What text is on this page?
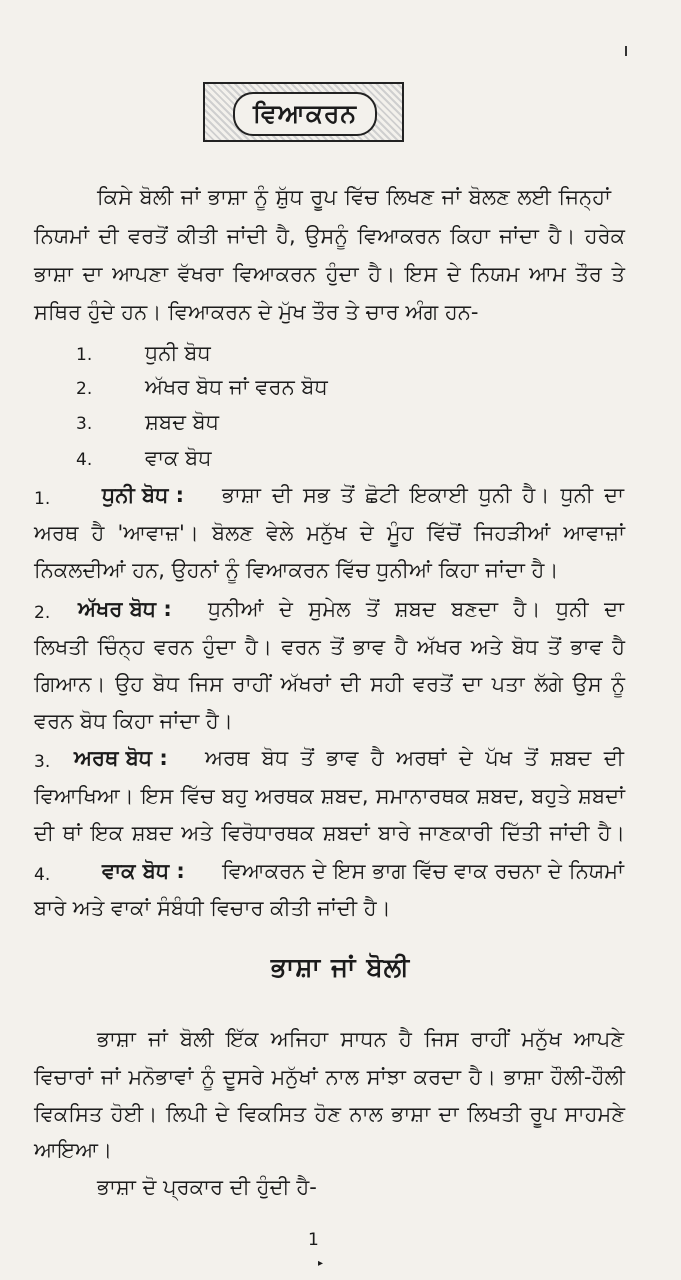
ਵਿਆਕਰਨ
ਕਿਸੇ ਬੋਲੀ ਜਾਂ ਭਾਸ਼ਾ ਨੂੰ ਸ਼ੁੱਧ ਰੂਪ ਵਿੱਚ ਲਿਖਣ ਜਾਂ ਬੋਲਣ ਲਈ ਜਿਨ੍ਹਾਂ
ਨਿਯਮਾਂ ਦੀ ਵਰਤੋਂ ਕੀਤੀ ਜਾਂਦੀ ਹੈ, ਉਸਨੂੰ ਵਿਆਕਰਨ ਕਿਹਾ ਜਾਂਦਾ ਹੈ। ਹਰੇਕ
ਭਾਸ਼ਾ ਦਾ ਆਪਣਾ ਵੱਖਰਾ ਵਿਆਕਰਨ ਹੁੰਦਾ ਹੈ। ਇਸ ਦੇ ਨਿਯਮ ਆਮ ਤੌਰ ਤੇ
ਸਥਿਰ ਹੁੰਦੇ ਹਨ। ਵਿਆਕਰਨ ਦੇ ਮੁੱਖ ਤੌਰ ਤੇ ਚਾਰ ਅੰਗ ਹਨ-
1.	ਧੁਨੀ ਬੋਧ
2.	ਅੱਖਰ ਬੋਧ ਜਾਂ ਵਰਨ ਬੋਧ
3.	ਸ਼ਬਦ ਬੋਧ
4.	ਵਾਕ ਬੋਧ
1. ਧੁਨੀ ਬੋਧ : ਭਾਸ਼ਾ ਦੀ ਸਭ ਤੋਂ ਛੋਟੀ ਇਕਾਈ ਧੁਨੀ ਹੈ। ਧੁਨੀ ਦਾ
ਅਰਥ ਹੈ 'ਆਵਾਜ਼'। ਬੋਲਣ ਵੇਲੇ ਮਨੁੱਖ ਦੇ ਮੂੰਹ ਵਿੱਚੋਂ ਜਿਹੜੀਆਂ ਆਵਾਜ਼ਾਂ
ਨਿਕਲਦੀਆਂ ਹਨ, ਉਹਨਾਂ ਨੂੰ ਵਿਆਕਰਨ ਵਿੱਚ ਧੁਨੀਆਂ ਕਿਹਾ ਜਾਂਦਾ ਹੈ।
2. ਅੱਖਰ ਬੋਧ : ਧੁਨੀਆਂ ਦੇ ਸੁਮੇਲ ਤੋਂ ਸ਼ਬਦ ਬਣਦਾ ਹੈ। ਧੁਨੀ ਦਾ
ਲਿਖਤੀ ਚਿੰਨ੍ਹ ਵਰਨ ਹੁੰਦਾ ਹੈ। ਵਰਨ ਤੋਂ ਭਾਵ ਹੈ ਅੱਖਰ ਅਤੇ ਬੋਧ ਤੋਂ ਭਾਵ ਹੈ
ਗਿਆਨ। ਉਹ ਬੋਧ ਜਿਸ ਰਾਹੀਂ ਅੱਖਰਾਂ ਦੀ ਸਹੀ ਵਰਤੋਂ ਦਾ ਪਤਾ ਲੱਗੇ ਉਸ ਨੂੰ
ਵਰਨ ਬੋਧ ਕਿਹਾ ਜਾਂਦਾ ਹੈ।
3. ਅਰਥ ਬੋਧ : ਅਰਥ ਬੋਧ ਤੋਂ ਭਾਵ ਹੈ ਅਰਥਾਂ ਦੇ ਪੱਖ ਤੋਂ ਸ਼ਬਦ ਦੀ
ਵਿਆਖਿਆ। ਇਸ ਵਿੱਚ ਬਹੁ ਅਰਥਕ ਸ਼ਬਦ, ਸਮਾਨਾਰਥਕ ਸ਼ਬਦ, ਬਹੁਤੇ ਸ਼ਬਦਾਂ
ਦੀ ਥਾਂ ਇਕ ਸ਼ਬਦ ਅਤੇ ਵਿਰੋਧਾਰਥਕ ਸ਼ਬਦਾਂ ਬਾਰੇ ਜਾਣਕਾਰੀ ਦਿੱਤੀ ਜਾਂਦੀ ਹੈ।
4. ਵਾਕ ਬੋਧ : ਵਿਆਕਰਨ ਦੇ ਇਸ ਭਾਗ ਵਿੱਚ ਵਾਕ ਰਚਨਾ ਦੇ ਨਿਯਮਾਂ
ਬਾਰੇ ਅਤੇ ਵਾਕਾਂ ਸੰਬੰਧੀ ਵਿਚਾਰ ਕੀਤੀ ਜਾਂਦੀ ਹੈ।
ਭਾਸ਼ਾ ਜਾਂ ਬੋਲੀ
ਭਾਸ਼ਾ ਜਾਂ ਬੋਲੀ ਇੱਕ ਅਜਿਹਾ ਸਾਧਨ ਹੈ ਜਿਸ ਰਾਹੀਂ ਮਨੁੱਖ ਆਪਣੇ
ਵਿਚਾਰਾਂ ਜਾਂ ਮਨੋਭਾਵਾਂ ਨੂੰ ਦੂਸਰੇ ਮਨੁੱਖਾਂ ਨਾਲ ਸਾਂਝਾ ਕਰਦਾ ਹੈ। ਭਾਸ਼ਾ ਹੌਲੀ-ਹੌਲੀ
ਵਿਕਸਿਤ ਹੋਈ। ਲਿਪੀ ਦੇ ਵਿਕਸਿਤ ਹੋਣ ਨਾਲ ਭਾਸ਼ਾ ਦਾ ਲਿਖਤੀ ਰੂਪ ਸਾਹਮਣੇ
ਆਇਆ।
ਭਾਸ਼ਾ ਦੋ ਪ੍ਰਕਾਰ ਦੀ ਹੁੰਦੀ ਹੈ-
1
▸
